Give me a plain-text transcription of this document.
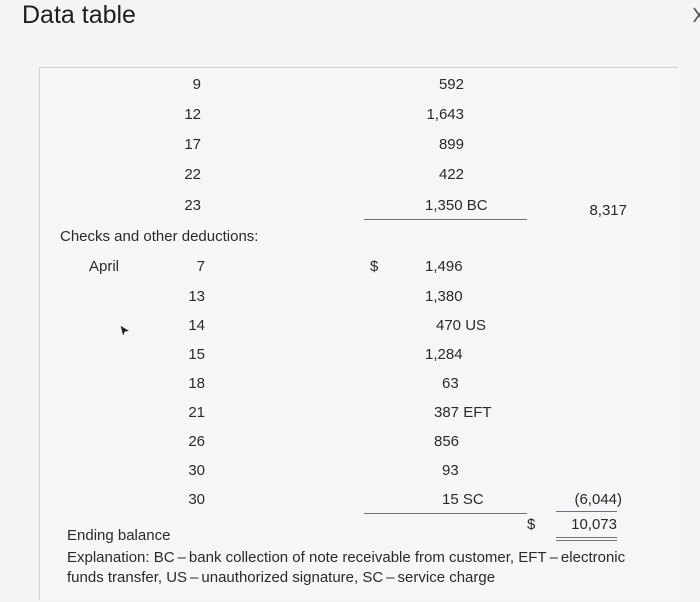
Data table
9	592
12	1,643
17	899
22	422
23	1,350 BC	8,317
Checks and other deductions:
April	7	$	1,496
13	1,380
14	470 US
15	1,284
18	63
21	387 EFT
26	856
30	93
30	15 SC	(6,044)
Ending balance
$	10,073
Explanation: BC – bank collection of note receivable from customer, EFT – electronic
funds transfer, US – unauthorized signature, SC – service charge
